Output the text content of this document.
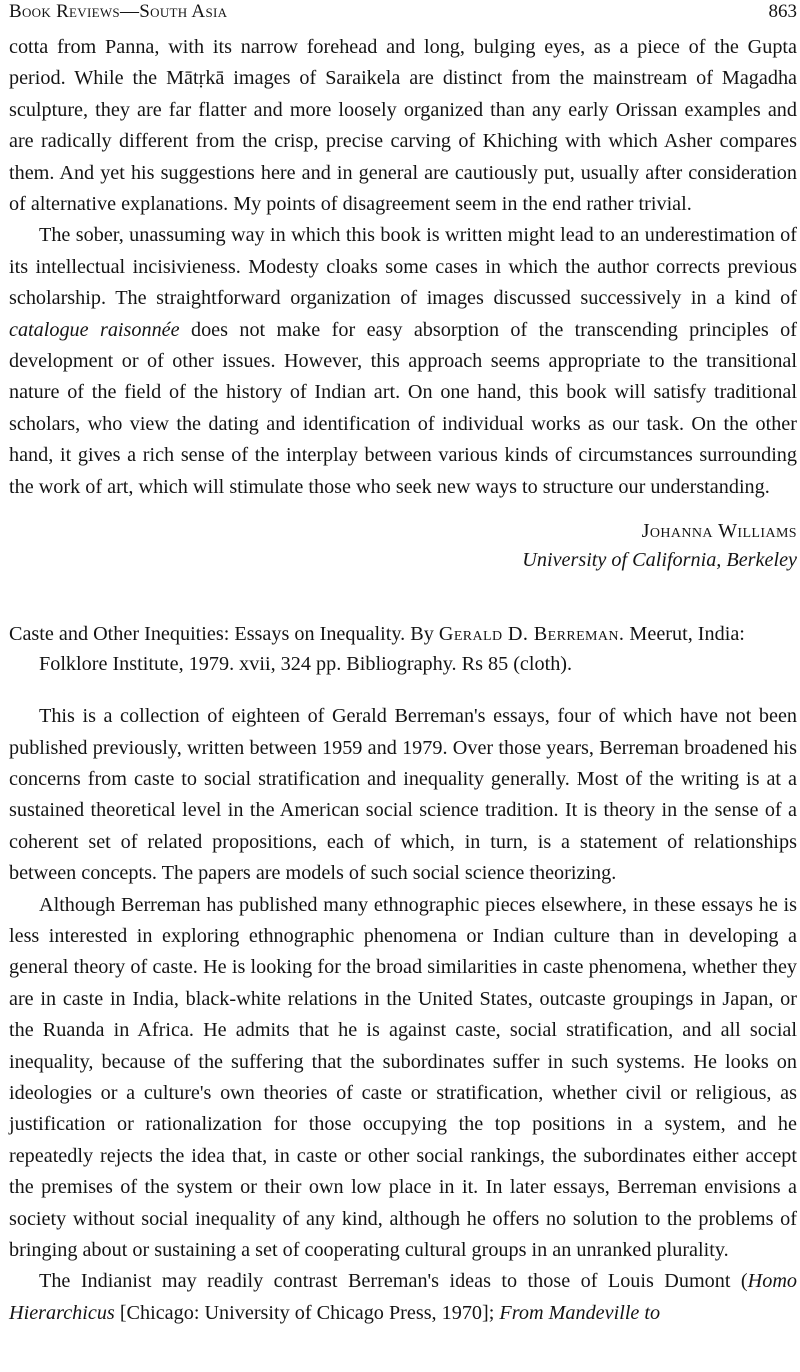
Book Reviews—South Asia	863

cotta from Panna, with its narrow forehead and long, bulging eyes, as a piece of the Gupta period. While the Mātṛkā images of Saraikela are distinct from the mainstream of Magadha sculpture, they are far flatter and more loosely organized than any early Orissan examples and are radically different from the crisp, precise carving of Khiching with which Asher compares them. And yet his suggestions here and in general are cautiously put, usually after consideration of alternative explanations. My points of disagreement seem in the end rather trivial.

The sober, unassuming way in which this book is written might lead to an underestimation of its intellectual incisivieness. Modesty cloaks some cases in which the author corrects previous scholarship. The straightforward organization of images discussed successively in a kind of catalogue raisonnée does not make for easy absorption of the transcending principles of development or of other issues. However, this approach seems appropriate to the transitional nature of the field of the history of Indian art. On one hand, this book will satisfy traditional scholars, who view the dating and identification of individual works as our task. On the other hand, it gives a rich sense of the interplay between various kinds of circumstances surrounding the work of art, which will stimulate those who seek new ways to structure our understanding.

Johanna Williams
University of California, Berkeley
Caste and Other Inequities: Essays on Inequality. By Gerald D. Berreman. Meerut, India: Folklore Institute, 1979. xvii, 324 pp. Bibliography. Rs 85 (cloth).

This is a collection of eighteen of Gerald Berreman's essays, four of which have not been published previously, written between 1959 and 1979. Over those years, Berreman broadened his concerns from caste to social stratification and inequality generally. Most of the writing is at a sustained theoretical level in the American social science tradition. It is theory in the sense of a coherent set of related propositions, each of which, in turn, is a statement of relationships between concepts. The papers are models of such social science theorizing.

Although Berreman has published many ethnographic pieces elsewhere, in these essays he is less interested in exploring ethnographic phenomena or Indian culture than in developing a general theory of caste. He is looking for the broad similarities in caste phenomena, whether they are in caste in India, black-white relations in the United States, outcaste groupings in Japan, or the Ruanda in Africa. He admits that he is against caste, social stratification, and all social inequality, because of the suffering that the subordinates suffer in such systems. He looks on ideologies or a culture's own theories of caste or stratification, whether civil or religious, as justification or rationalization for those occupying the top positions in a system, and he repeatedly rejects the idea that, in caste or other social rankings, the subordinates either accept the premises of the system or their own low place in it. In later essays, Berreman envisions a society without social inequality of any kind, although he offers no solution to the problems of bringing about or sustaining a set of cooperating cultural groups in an unranked plurality.

The Indianist may readily contrast Berreman's ideas to those of Louis Dumont (Homo Hierarchicus [Chicago: University of Chicago Press, 1970]; From Mandeville to
